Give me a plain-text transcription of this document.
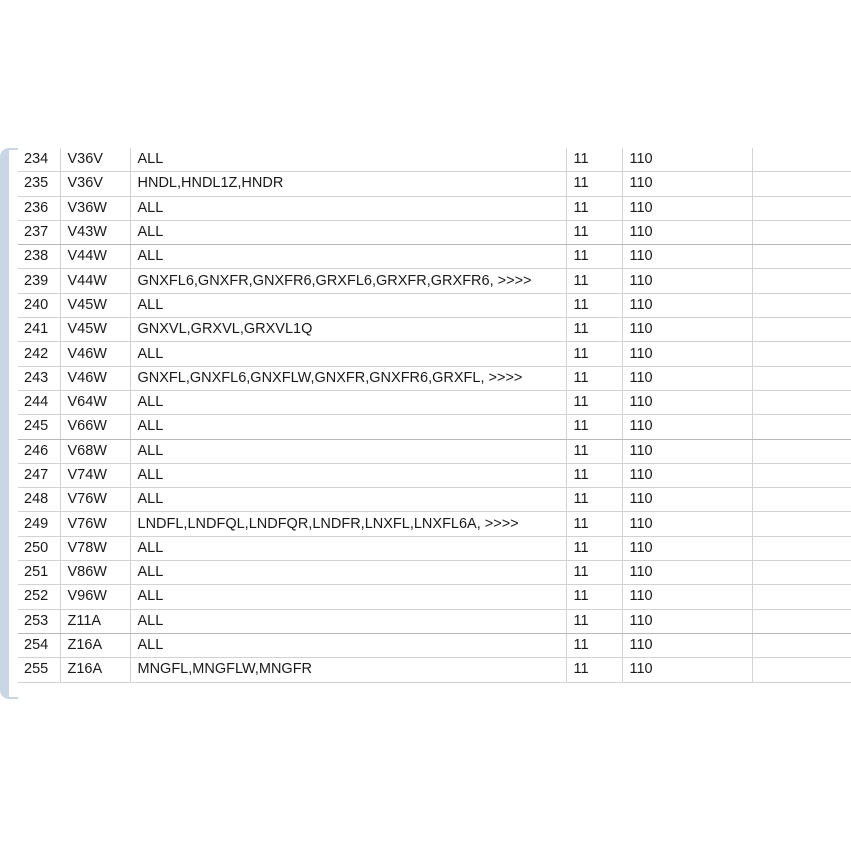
234	V36V	ALL	11	110	
235	V36V	HNDL,HNDL1Z,HNDR	11	110	
236	V36W	ALL	11	110	
237	V43W	ALL	11	110	
238	V44W	ALL	11	110	
239	V44W	GNXFL6,GNXFR,GNXFR6,GRXFL6,GRXFR,GRXFR6, >>>>	11	110	
240	V45W	ALL	11	110	
241	V45W	GNXVL,GRXVL,GRXVL1Q	11	110	
242	V46W	ALL	11	110	
243	V46W	GNXFL,GNXFL6,GNXFLW,GNXFR,GNXFR6,GRXFL, >>>>	11	110	
244	V64W	ALL	11	110	
245	V66W	ALL	11	110	
246	V68W	ALL	11	110	
247	V74W	ALL	11	110	
248	V76W	ALL	11	110	
249	V76W	LNDFL,LNDFQL,LNDFQR,LNDFR,LNXFL,LNXFL6A, >>>>	11	110	
250	V78W	ALL	11	110	
251	V86W	ALL	11	110	
252	V96W	ALL	11	110	
253	Z11A	ALL	11	110	
254	Z16A	ALL	11	110	
255	Z16A	MNGFL,MNGFLW,MNGFR	11	110	
